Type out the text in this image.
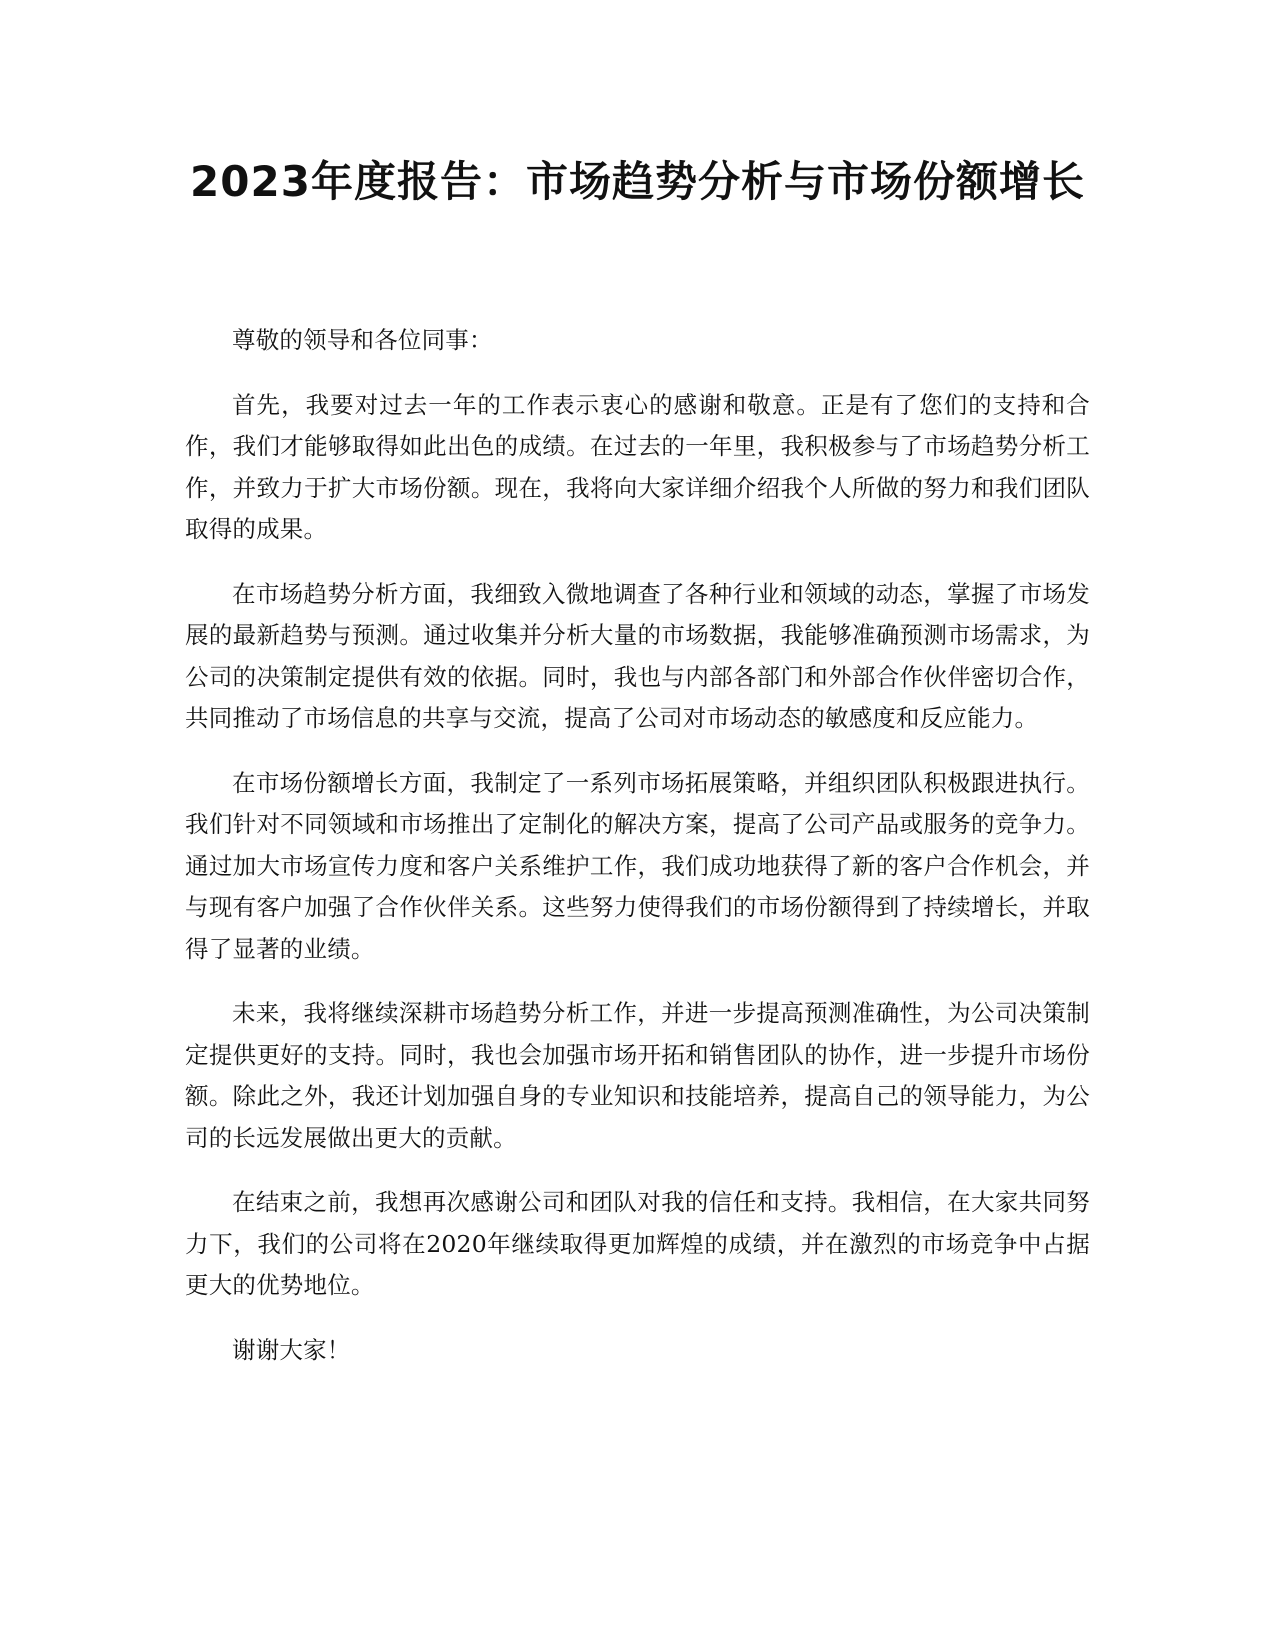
2023年度报告：市场趋势分析与市场份额增长

尊敬的领导和各位同事：

首先，我要对过去一年的工作表示衷心的感谢和敬意。正是有了您们的支持和合作，我们才能够取得如此出色的成绩。在过去的一年里，我积极参与了市场趋势分析工作，并致力于扩大市场份额。现在，我将向大家详细介绍我个人所做的努力和我们团队取得的成果。

在市场趋势分析方面，我细致入微地调查了各种行业和领域的动态，掌握了市场发展的最新趋势与预测。通过收集并分析大量的市场数据，我能够准确预测市场需求，为公司的决策制定提供有效的依据。同时，我也与内部各部门和外部合作伙伴密切合作，共同推动了市场信息的共享与交流，提高了公司对市场动态的敏感度和反应能力。

在市场份额增长方面，我制定了一系列市场拓展策略，并组织团队积极跟进执行。我们针对不同领域和市场推出了定制化的解决方案，提高了公司产品或服务的竞争力。通过加大市场宣传力度和客户关系维护工作，我们成功地获得了新的客户合作机会，并与现有客户加强了合作伙伴关系。这些努力使得我们的市场份额得到了持续增长，并取得了显著的业绩。

未来，我将继续深耕市场趋势分析工作，并进一步提高预测准确性，为公司决策制定提供更好的支持。同时，我也会加强市场开拓和销售团队的协作，进一步提升市场份额。除此之外，我还计划加强自身的专业知识和技能培养，提高自己的领导能力，为公司的长远发展做出更大的贡献。

在结束之前，我想再次感谢公司和团队对我的信任和支持。我相信，在大家共同努力下，我们的公司将在2020年继续取得更加辉煌的成绩，并在激烈的市场竞争中占据更大的优势地位。

谢谢大家！
